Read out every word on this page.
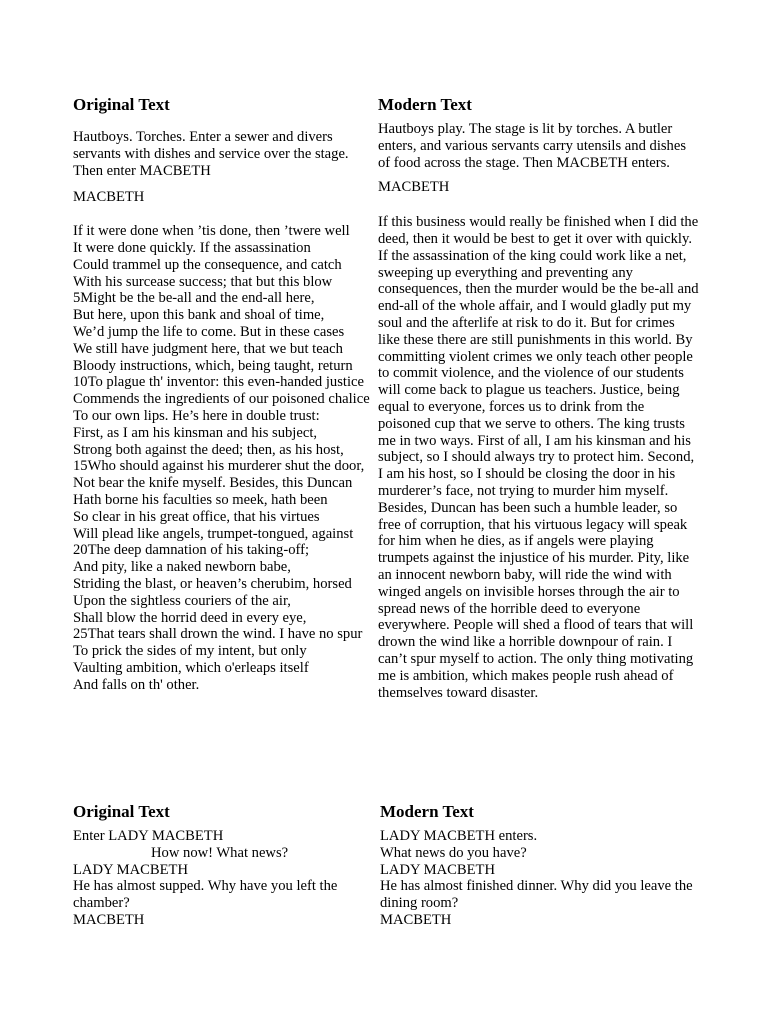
Original Text

Hautboys. Torches. Enter a sewer and divers servants with dishes and service over the stage. Then enter MACBETH

MACBETH

If it were done when ’tis done, then ’twere well
It were done quickly. If the assassination
Could trammel up the consequence, and catch
With his surcease success; that but this blow
5Might be the be-all and the end-all here,
But here, upon this bank and shoal of time,
We’d jump the life to come. But in these cases
We still have judgment here, that we but teach
Bloody instructions, which, being taught, return
10To plague th' inventor: this even-handed justice
Commends the ingredients of our poisoned chalice
To our own lips. He’s here in double trust:
First, as I am his kinsman and his subject,
Strong both against the deed; then, as his host,
15Who should against his murderer shut the door,
Not bear the knife myself. Besides, this Duncan
Hath borne his faculties so meek, hath been
So clear in his great office, that his virtues
Will plead like angels, trumpet-tongued, against
20The deep damnation of his taking-off;
And pity, like a naked newborn babe,
Striding the blast, or heaven’s cherubim, horsed
Upon the sightless couriers of the air,
Shall blow the horrid deed in every eye,
25That tears shall drown the wind. I have no spur
To prick the sides of my intent, but only
Vaulting ambition, which o'erleaps itself
And falls on th' other.
Modern Text

Hautboys play. The stage is lit by torches. A butler enters, and various servants carry utensils and dishes of food across the stage. Then MACBETH enters.

MACBETH

If this business would really be finished when I did the deed, then it would be best to get it over with quickly. If the assassination of the king could work like a net, sweeping up everything and preventing any consequences, then the murder would be the be-all and end-all of the whole affair, and I would gladly put my soul and the afterlife at risk to do it. But for crimes like these there are still punishments in this world. By committing violent crimes we only teach other people to commit violence, and the violence of our students will come back to plague us teachers. Justice, being equal to everyone, forces us to drink from the poisoned cup that we serve to others. The king trusts me in two ways. First of all, I am his kinsman and his subject, so I should always try to protect him. Second, I am his host, so I should be closing the door in his murderer’s face, not trying to murder him myself. Besides, Duncan has been such a humble leader, so free of corruption, that his virtuous legacy will speak for him when he dies, as if angels were playing trumpets against the injustice of his murder. Pity, like an innocent newborn baby, will ride the wind with winged angels on invisible horses through the air to spread news of the horrible deed to everyone everywhere. People will shed a flood of tears that will drown the wind like a horrible downpour of rain. I can’t spur myself to action. The only thing motivating me is ambition, which makes people rush ahead of themselves toward disaster.

Original Text

Enter LADY MACBETH

How now! What news?

LADY MACBETH

He has almost supped. Why have you left the chamber?

MACBETH

Modern Text

LADY MACBETH enters.

What news do you have?

LADY MACBETH

He has almost finished dinner. Why did you leave the dining room?

MACBETH
